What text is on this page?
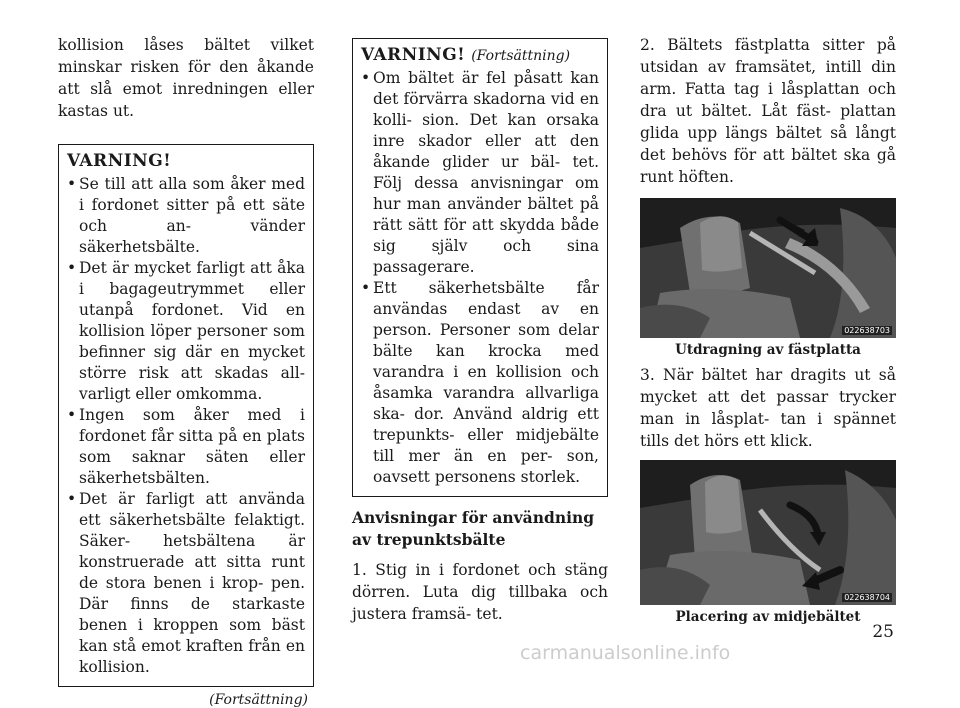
kollision låses bältet vilket minskar risken för den åkande att slå emot inredningen eller kastas ut.

VARNING!
• Se till att alla som åker med i fordonet sitter på ett säte och an- vänder säkerhetsbälte.
• Det är mycket farligt att åka i bagageutrymmet eller utanpå fordonet. Vid en kollision löper personer som befinner sig där en mycket större risk att skadas all- varligt eller omkomma.
• Ingen som åker med i fordonet får sitta på en plats som saknar säten eller säkerhetsbälten.
• Det är farligt att använda ett säkerhetsbälte felaktigt. Säker- hetsbältena är konstruerade att sitta runt de stora benen i krop- pen. Där finns de starkaste benen i kroppen som bäst kan stå emot kraften från en kollision.
(Fortsättning)
VARNING! (Fortsättning)
• Om bältet är fel påsatt kan det förvärra skadorna vid en kolli- sion. Det kan orsaka inre skador eller att den åkande glider ur bäl- tet. Följ dessa anvisningar om hur man använder bältet på rätt sätt för att skydda både sig själv och sina passagerare.
• Ett säkerhetsbälte får användas endast av en person. Personer som delar bälte kan krocka med varandra i en kollision och åsamka varandra allvarliga ska- dor. Använd aldrig ett trepunkts- eller midjebälte till mer än en per- son, oavsett personens storlek.
Anvisningar för användning av trepunktsbälte

1. Stig in i fordonet och stäng dörren. Luta dig tillbaka och justera framsä- tet.

2. Bältets fästplatta sitter på utsidan av framsätet, intill din arm. Fatta tag i låsplattan och dra ut bältet. Låt fäst- plattan glida upp längs bältet så långt det behövs för att bältet ska gå runt höften.

022638703
Utdragning av fästplatta

3. När bältet har dragits ut så mycket att det passar trycker man in låsplat- tan i spännet tills det hörs ett klick.

022638704
Placering av midjebältet
25
carmanualsonline.info
